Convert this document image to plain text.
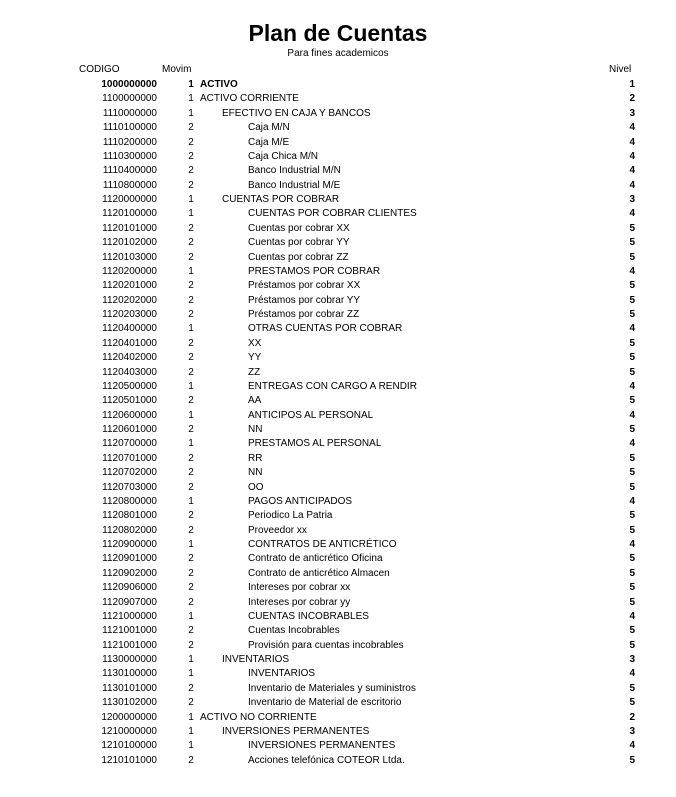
Plan de Cuentas
Para fines academicos
CODIGO	Movim	Nivel
1000000000	1 ACTIVO	1
1100000000	1 ACTIVO CORRIENTE	2
1110000000	1	EFECTIVO EN CAJA Y BANCOS	3
1110100000	2	Caja M/N	4
1110200000	2	Caja M/E	4
1110300000	2	Caja Chica M/N	4
1110400000	2	Banco Industrial M/N	4
1110800000	2	Banco Industrial M/E	4
1120000000	1	CUENTAS POR COBRAR	3
1120100000	1	CUENTAS POR COBRAR CLIENTES	4
1120101000	2	Cuentas por cobrar XX	5
1120102000	2	Cuentas por cobrar YY	5
1120103000	2	Cuentas por cobrar ZZ	5
1120200000	1	PRESTAMOS POR COBRAR	4
1120201000	2	Préstamos por cobrar XX	5
1120202000	2	Préstamos por cobrar YY	5
1120203000	2	Préstamos por cobrar ZZ	5
1120400000	1	OTRAS CUENTAS POR COBRAR	4
1120401000	2	XX	5
1120402000	2	YY	5
1120403000	2	ZZ	5
1120500000	1	ENTREGAS CON CARGO A RENDIR	4
1120501000	2	AA	5
1120600000	1	ANTICIPOS AL PERSONAL	4
1120601000	2	NN	5
1120700000	1	PRESTAMOS AL PERSONAL	4
1120701000	2	RR	5
1120702000	2	NN	5
1120703000	2	OO	5
1120800000	1	PAGOS ANTICIPADOS	4
1120801000	2	Periodico La Patria	5
1120802000	2	Proveedor xx	5
1120900000	1	CONTRATOS DE ANTICRÉTICO	4
1120901000	2	Contrato de anticrético Oficina	5
1120902000	2	Contrato de anticrético Almacen	5
1120906000	2	Intereses por cobrar xx	5
1120907000	2	Intereses por cobrar yy	5
1121000000	1	CUENTAS INCOBRABLES	4
1121001000	2	Cuentas Incobrables	5
1121001000	2	Provisión para cuentas incobrables	5
1130000000	1	INVENTARIOS	3
1130100000	1	INVENTARIOS	4
1130101000	2	Inventario de Materiales y suministros	5
1130102000	2	Inventario de Material de escritorio	5
1200000000	1 ACTIVO NO CORRIENTE	2
1210000000	1	INVERSIONES PERMANENTES	3
1210100000	1	INVERSIONES PERMANENTES	4
1210101000	2	Acciones telefónica COTEOR Ltda.	5
